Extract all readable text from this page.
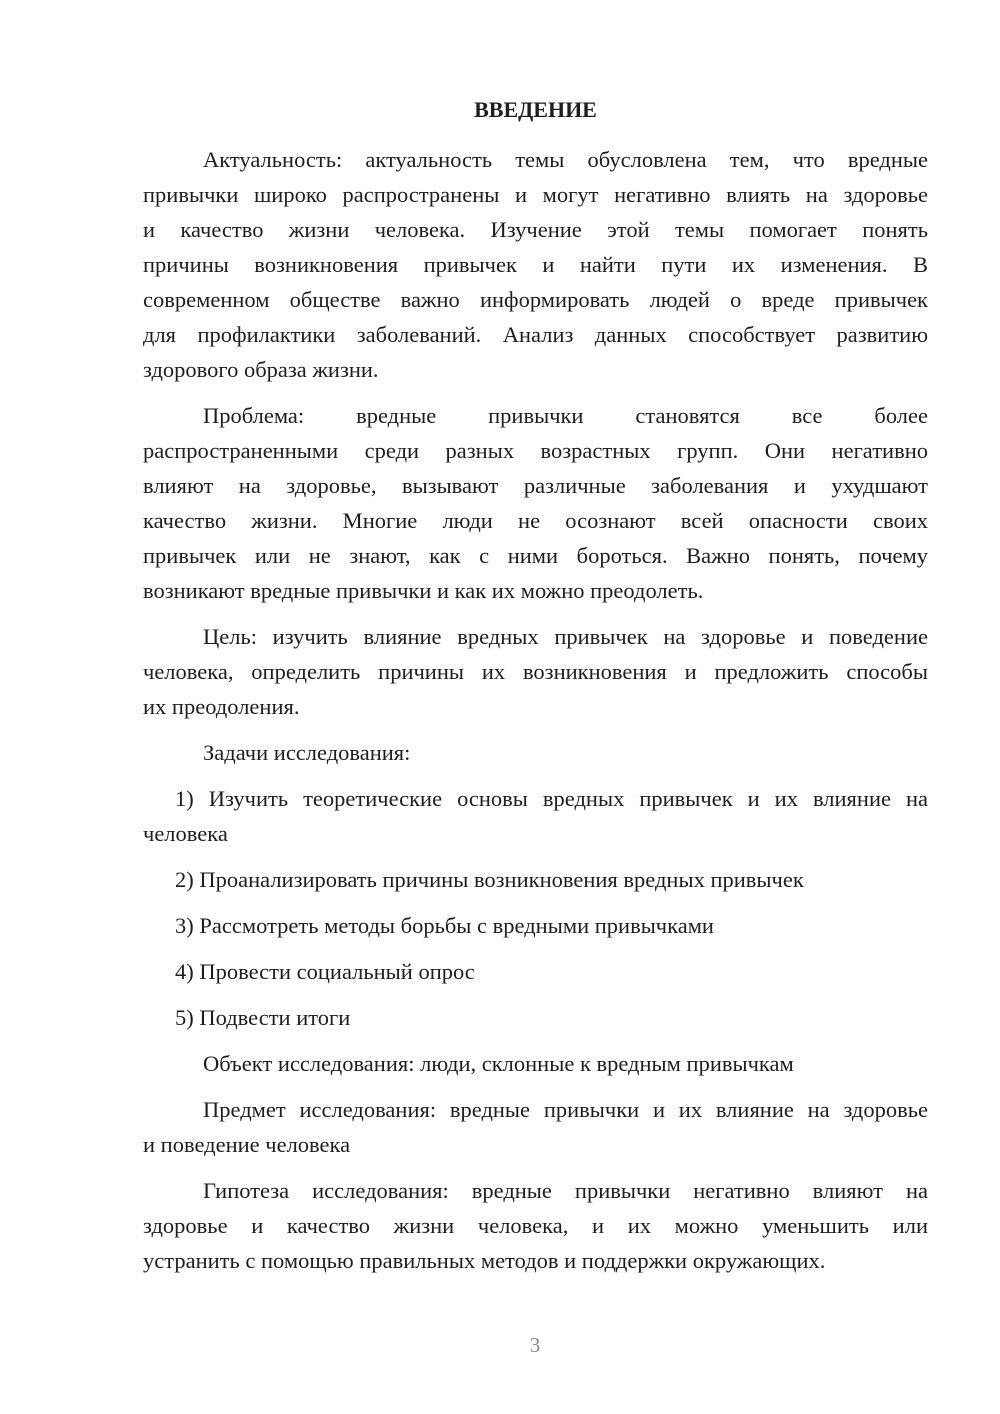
ВВЕДЕНИЕ
Актуальность: актуальность темы обусловлена тем, что вредные
привычки широко распространены и могут негативно влиять на здоровье
и качество жизни человека. Изучение этой темы помогает понять
причины возникновения привычек и найти пути их изменения. В
современном обществе важно информировать людей о вреде привычек
для профилактики заболеваний. Анализ данных способствует развитию
здорового образа жизни.
Проблема: вредные привычки становятся все более
распространенными среди разных возрастных групп. Они негативно
влияют на здоровье, вызывают различные заболевания и ухудшают
качество жизни. Многие люди не осознают всей опасности своих
привычек или не знают, как с ними бороться. Важно понять, почему
возникают вредные привычки и как их можно преодолеть.
Цель: изучить влияние вредных привычек на здоровье и поведение
человека, определить причины их возникновения и предложить способы
их преодоления.
Задачи исследования:
1) Изучить теоретические основы вредных привычек и их влияние на
человека
2) Проанализировать причины возникновения вредных привычек
3) Рассмотреть методы борьбы с вредными привычками
4) Провести социальный опрос
5) Подвести итоги
Объект исследования: люди, склонные к вредным привычкам
Предмет исследования: вредные привычки и их влияние на здоровье
и поведение человека
Гипотеза исследования: вредные привычки негативно влияют на
здоровье и качество жизни человека, и их можно уменьшить или
устранить с помощью правильных методов и поддержки окружающих.
3
